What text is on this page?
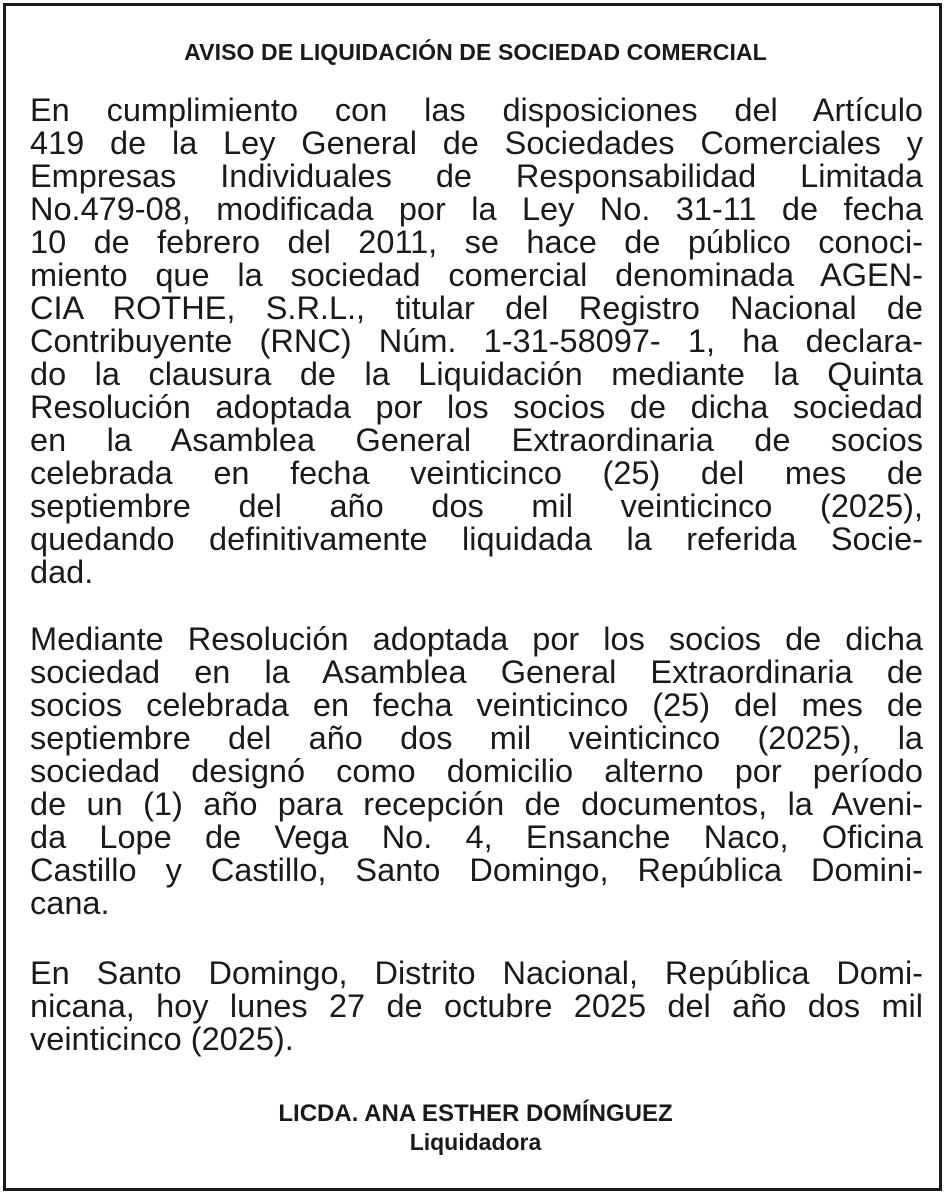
AVISO DE LIQUIDACIÓN DE SOCIEDAD COMERCIAL

En cumplimiento con las disposiciones del Artículo

419 de la Ley General de Sociedades Comerciales y

Empresas Individuales de Responsabilidad Limitada

No.479-08, modificada por la Ley No. 31-11 de fecha

10 de febrero del 2011, se hace de público conoci-

miento que la sociedad comercial denominada AGEN-

CIA ROTHE, S.R.L., titular del Registro Nacional de

Contribuyente (RNC) Núm. 1-31-58097- 1, ha declara-

do la clausura de la Liquidación mediante la Quinta

Resolución adoptada por los socios de dicha sociedad

en la Asamblea General Extraordinaria de socios

celebrada en fecha veinticinco (25) del mes de

septiembre del año dos mil veinticinco (2025),

quedando definitivamente liquidada la referida Socie-

dad.

Mediante Resolución adoptada por los socios de dicha

sociedad en la Asamblea General Extraordinaria de

socios celebrada en fecha veinticinco (25) del mes de

septiembre del año dos mil veinticinco (2025), la

sociedad designó como domicilio alterno por período

de un (1) año para recepción de documentos, la Aveni-

da Lope de Vega No. 4, Ensanche Naco, Oficina

Castillo y Castillo, Santo Domingo, República Domini-

cana.

En Santo Domingo, Distrito Nacional, República Domi-

nicana, hoy lunes 27 de octubre 2025 del año dos mil

veinticinco (2025).

LICDA. ANA ESTHER DOMÍNGUEZ

Liquidadora
